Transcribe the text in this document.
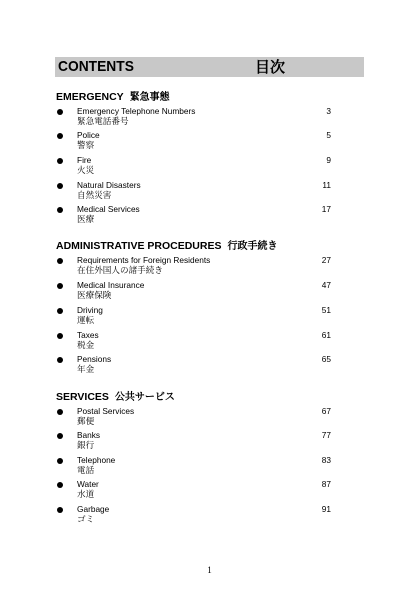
CONTENTS	目次
EMERGENCY 緊急事態
Emergency Telephone Numbers
緊急電話番号
3
Police
警察
5
Fire
火災
9
Natural Disasters
自然災害
11
Medical Services
医療
17
ADMINISTRATIVE PROCEDURES 行政手続き
Requirements for Foreign Residents
在住外国人の諸手続き
27
Medical Insurance
医療保険
47
Driving
運転
51
Taxes
税金
61
Pensions
年金
65
SERVICES 公共サービス
Postal Services
郵便
67
Banks
銀行
77
Telephone
電話
83
Water
水道
87
Garbage
ゴミ
91
1
